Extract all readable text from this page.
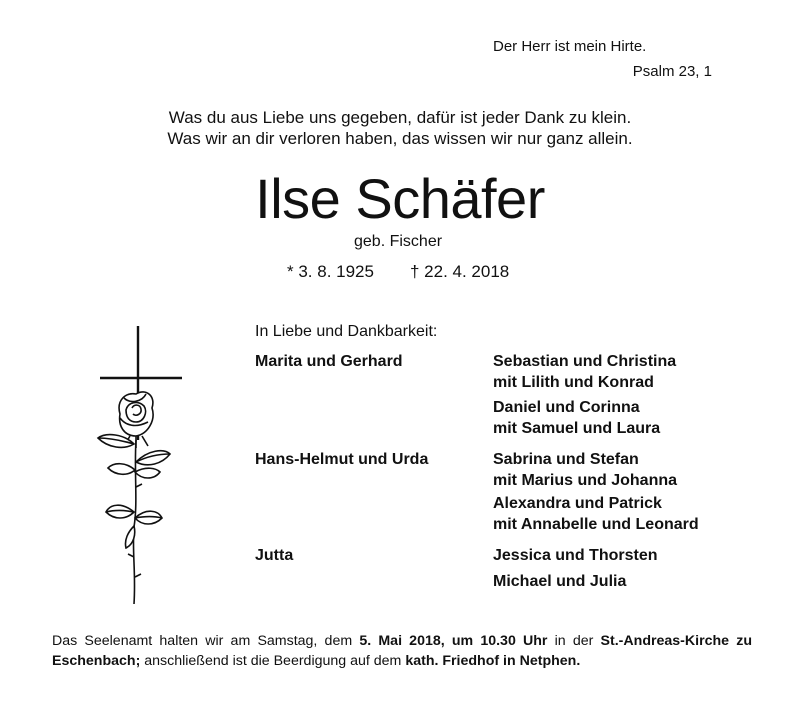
Der Herr ist mein Hirte.
Psalm 23, 1
Was du aus Liebe uns gegeben, dafür ist jeder Dank zu klein.
Was wir an dir verloren haben, das wissen wir nur ganz allein.
Ilse Schäfer
geb. Fischer
* 3. 8. 1925 † 22. 4. 2018
In Liebe und Dankbarkeit:
Marita und Gerhard
Hans-Helmut und Urda
Jutta
Sebastian und Christina
mit Lilith und Konrad
Daniel und Corinna
mit Samuel und Laura
Sabrina und Stefan
mit Marius und Johanna
Alexandra und Patrick
mit Annabelle und Leonard
Jessica und Thorsten
Michael und Julia
Das Seelenamt halten wir am Samstag, dem 5. Mai 2018, um 10.30 Uhr in der St.-Andreas-Kirche zu Eschenbach; anschließend ist die Beerdigung auf dem kath. Friedhof in Netphen.
